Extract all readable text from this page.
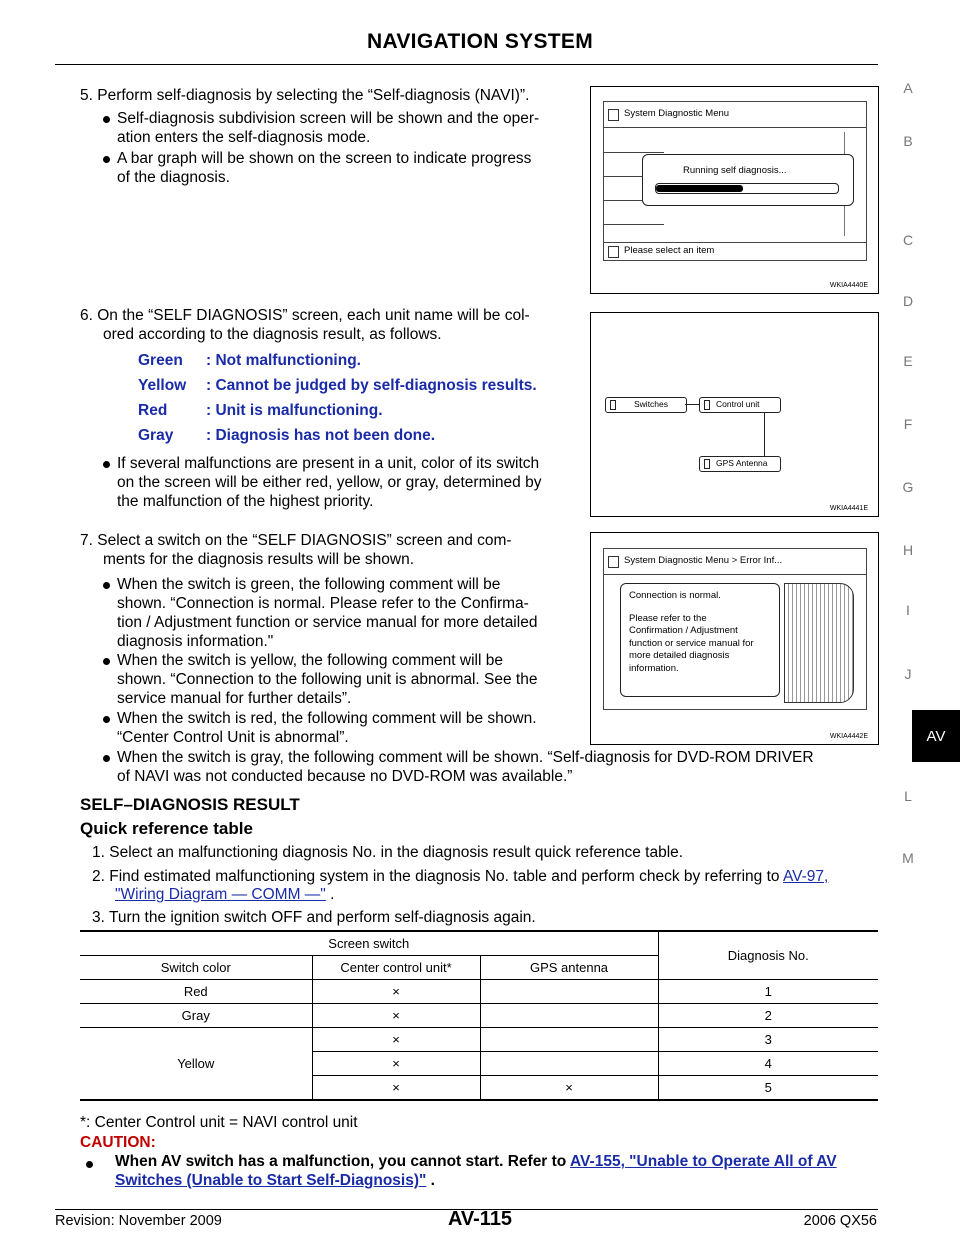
NAVIGATION SYSTEM
A
B
C
D
E
F
G
H
I
J
L
M
AV
5. Perform self-diagnosis by selecting the “Self-diagnosis (NAVI)”.
Self-diagnosis subdivision screen will be shown and the oper-
ation enters the self-diagnosis mode.
A bar graph will be shown on the screen to indicate progress
of the diagnosis.
System Diagnostic Menu
Running self diagnosis...
Please select an item
WKIA4440E
6. On the “SELF DIAGNOSIS” screen, each unit name will be col-
ored according to the diagnosis result, as follows.
Green : Not malfunctioning.
Yellow : Cannot be judged by self-diagnosis results.
Red : Unit is malfunctioning.
Gray : Diagnosis has not been done.
If several malfunctions are present in a unit, color of its switch
on the screen will be either red, yellow, or gray, determined by
the malfunction of the highest priority.
Switches	Control unit
GPS Antenna
WKIA4441E
7. Select a switch on the “SELF DIAGNOSIS” screen and com-
ments for the diagnosis results will be shown.
When the switch is green, the following comment will be
shown. “Connection is normal. Please refer to the Confirma-
tion / Adjustment function or service manual for more detailed
diagnosis information."
When the switch is yellow, the following comment will be
shown. “Connection to the following unit is abnormal. See the
service manual for further details”.
When the switch is red, the following comment will be shown.
“Center Control Unit is abnormal”.
When the switch is gray, the following comment will be shown. “Self-diagnosis for DVD-ROM DRIVER
of NAVI was not conducted because no DVD-ROM was available.”
System Diagnostic Menu > Error Inf...
Connection is normal.
Please refer to the
Confirmation / Adjustment
function or service manual for
more detailed diagnosis
information.
WKIA4442E
SELF–DIAGNOSIS RESULT
Quick reference table
1. Select an malfunctioning diagnosis No. in the diagnosis result quick reference table.
2. Find estimated malfunctioning system in the diagnosis No. table and perform check by referring to AV-97,
"Wiring Diagram — COMM —" .
3. Turn the ignition switch OFF and perform self-diagnosis again.
Screen switch			Diagnosis No.
Switch color	Center control unit*	GPS antenna	
Red	×		1
Gray	×		2
Yellow	×		3
	×		4
	×	×	5
*: Center Control unit = NAVI control unit
CAUTION:
When AV switch has a malfunction, you cannot start. Refer to AV-155, "Unable to Operate All of AV
Switches (Unable to Start Self-Diagnosis)" .
Revision: November 2009	AV-115	2006 QX56
